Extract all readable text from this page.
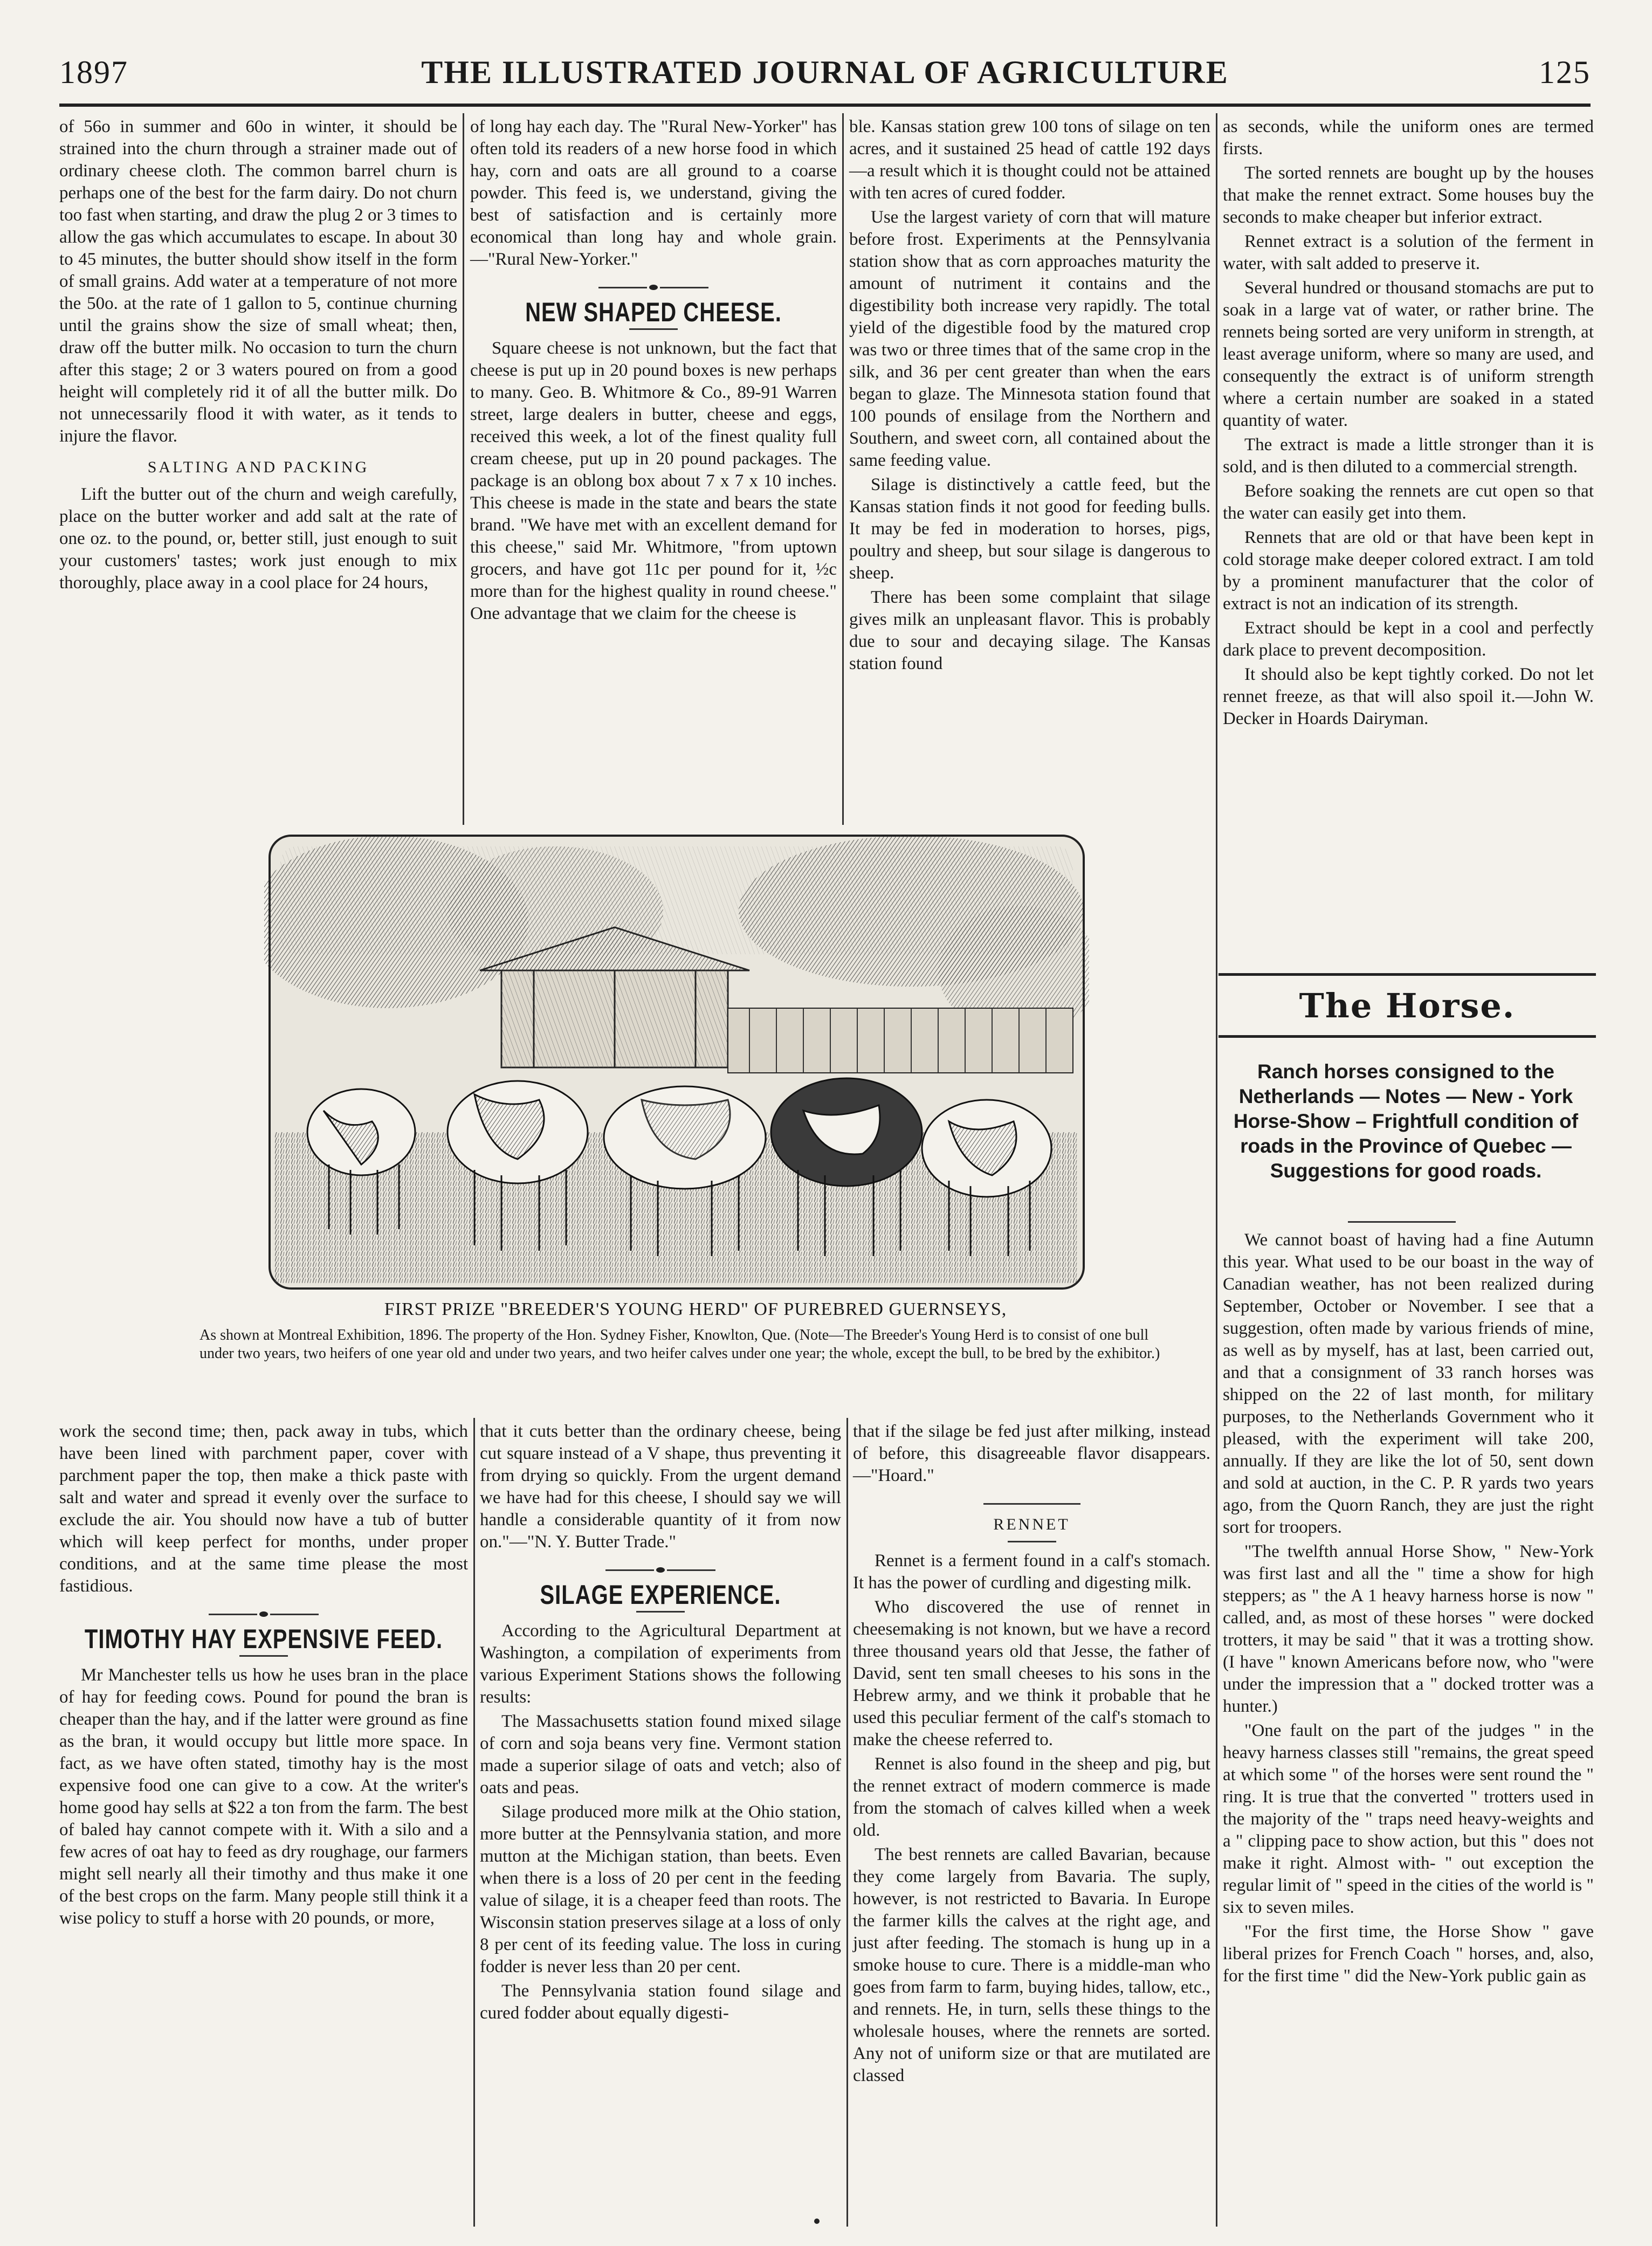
1897	THE ILLUSTRATED JOURNAL OF AGRICULTURE	125

of 56o in summer and 60o in winter, it should be strained into the churn through a strainer made out of ordinary cheese cloth. The common barrel churn is perhaps one of the best for the farm dairy. Do not churn too fast when starting, and draw the plug 2 or 3 times to allow the gas which accumulates to escape. In about 30 to 45 minutes, the butter should show itself in the form of small grains. Add water at a temperature of not more the 50o. at the rate of 1 gallon to 5, continue churning until the grains show the size of small wheat; then, draw off the butter milk. No occasion to turn the churn after this stage; 2 or 3 waters poured on from a good height will completely rid it of all the butter milk. Do not unnecessarily flood it with water, as it tends to injure the flavor.

SALTING AND PACKING

Lift the butter out of the churn and weigh carefully, place on the butter worker and add salt at the rate of one oz. to the pound, or, better still, just enough to suit your customers' tastes; work just enough to mix thoroughly, place away in a cool place for 24 hours,

of long hay each day. The "Rural New-Yorker" has often told its readers of a new horse food in which hay, corn and oats are all ground to a coarse powder. This feed is, we understand, giving the best of satisfaction and is certainly more economical than long hay and whole grain.—"Rural New-Yorker."

NEW SHAPED CHEESE.

Square cheese is not unknown, but the fact that cheese is put up in 20 pound boxes is new perhaps to many. Geo. B. Whitmore & Co., 89-91 Warren street, large dealers in butter, cheese and eggs, received this week, a lot of the finest quality full cream cheese, put up in 20 pound packages. The package is an oblong box about 7 x 7 x 10 inches. This cheese is made in the state and bears the state brand. "We have met with an excellent demand for this cheese," said Mr. Whitmore, "from uptown grocers, and have got 11c per pound for it, ½c more than for the highest quality in round cheese." One advantage that we claim for the cheese is

ble. Kansas station grew 100 tons of silage on ten acres, and it sustained 25 head of cattle 192 days—a result which it is thought could not be attained with ten acres of cured fodder.

Use the largest variety of corn that will mature before frost. Experiments at the Pennsylvania station show that as corn approaches maturity the amount of nutriment it contains and the digestibility both increase very rapidly. The total yield of the digestible food by the matured crop was two or three times that of the same crop in the silk, and 36 per cent greater than when the ears began to glaze. The Minnesota station found that 100 pounds of ensilage from the Northern and Southern, and sweet corn, all contained about the same feeding value.

Silage is distinctively a cattle feed, but the Kansas station finds it not good for feeding bulls. It may be fed in moderation to horses, pigs, poultry and sheep, but sour silage is dangerous to sheep.

There has been some complaint that silage gives milk an unpleasant flavor. This is probably due to sour and decaying silage. The Kansas station found

as seconds, while the uniform ones are termed firsts.

The sorted rennets are bought up by the houses that make the rennet extract. Some houses buy the seconds to make cheaper but inferior extract.

Rennet extract is a solution of the ferment in water, with salt added to preserve it.

Several hundred or thousand stomachs are put to soak in a large vat of water, or rather brine. The rennets being sorted are very uniform in strength, at least average uniform, where so many are used, and consequently the extract is of uniform strength where a certain number are soaked in a stated quantity of water.

The extract is made a little stronger than it is sold, and is then diluted to a commercial strength.

Before soaking the rennets are cut open so that the water can easily get into them.

Rennets that are old or that have been kept in cold storage make deeper colored extract. I am told by a prominent manufacturer that the color of extract is not an indication of its strength.

Extract should be kept in a cool and perfectly dark place to prevent decomposition.

It should also be kept tightly corked. Do not let rennet freeze, as that will also spoil it.—John W. Decker in Hoards Dairyman.

The Horse.
Ranch horses consigned to the Netherlands — Notes — New - York Horse-Show – Frightfull condition of roads in the Province of Quebec —Suggestions for good roads.

We cannot boast of having had a fine Autumn this year. What used to be our boast in the way of Canadian weather, has not been realized during September, October or November. I see that a suggestion, often made by various friends of mine, as well as by myself, has at last, been carried out, and that a consignment of 33 ranch horses was shipped on the 22 of last month, for military purposes, to the Netherlands Government who it pleased, with the experiment will take 200, annually. If they are like the lot of 50, sent down and sold at auction, in the C. P. R yards two years ago, from the Quorn Ranch, they are just the right sort for troopers.

"The twelfth annual Horse Show, " New-York was first last and all the " time a show for high steppers; as " the A 1 heavy harness horse is now " called, and, as most of these horses " were docked trotters, it may be said " that it was a trotting show. (I have " known Americans before now, who "were under the impression that a " docked trotter was a hunter.)

"One fault on the part of the judges " in the heavy harness classes still "remains, the great speed at which some " of the horses were sent round the " ring. It is true that the converted " trotters used in the majority of the " traps need heavy-weights and a " clipping pace to show action, but this " does not make it right. Almost with- " out exception the regular limit of " speed in the cities of the world is " six to seven miles.

"For the first time, the Horse Show " gave liberal prizes for French Coach " horses, and, also, for the first time " did the New-York public gain as

FIRST PRIZE "BREEDER'S YOUNG HERD" OF PUREBRED GUERNSEYS,
As shown at Montreal Exhibition, 1896. The property of the Hon. Sydney Fisher, Knowlton, Que. (Note—The Breeder's Young Herd is to consist of one bull under two years, two heifers of one year old and under two years, and two heifer calves under one year; the whole, except the bull, to be bred by the exhibitor.)

work the second time; then, pack away in tubs, which have been lined with parchment paper, cover with parchment paper the top, then make a thick paste with salt and water and spread it evenly over the surface to exclude the air. You should now have a tub of butter which will keep perfect for months, under proper conditions, and at the same time please the most fastidious.

TIMOTHY HAY EXPENSIVE FEED.

Mr Manchester tells us how he uses bran in the place of hay for feeding cows. Pound for pound the bran is cheaper than the hay, and if the latter were ground as fine as the bran, it would occupy but little more space. In fact, as we have often stated, timothy hay is the most expensive food one can give to a cow. At the writer's home good hay sells at $22 a ton from the farm. The best of baled hay cannot compete with it. With a silo and a few acres of oat hay to feed as dry roughage, our farmers might sell nearly all their timothy and thus make it one of the best crops on the farm. Many people still think it a wise policy to stuff a horse with 20 pounds, or more,

that it cuts better than the ordinary cheese, being cut square instead of a V shape, thus preventing it from drying so quickly. From the urgent demand we have had for this cheese, I should say we will handle a considerable quantity of it from now on."—"N. Y. Butter Trade."

SILAGE EXPERIENCE.

According to the Agricultural Department at Washington, a compilation of experiments from various Experiment Stations shows the following results:

The Massachusetts station found mixed silage of corn and soja beans very fine. Vermont station made a superior silage of oats and vetch; also of oats and peas.

Silage produced more milk at the Ohio station, more butter at the Pennsylvania station, and more mutton at the Michigan station, than beets. Even when there is a loss of 20 per cent in the feeding value of silage, it is a cheaper feed than roots. The Wisconsin station preserves silage at a loss of only 8 per cent of its feeding value. The loss in curing fodder is never less than 20 per cent.

The Pennsylvania station found silage and cured fodder about equally digesti-

that if the silage be fed just after milking, instead of before, this disagreeable flavor disappears.—"Hoard."

RENNET

Rennet is a ferment found in a calf's stomach. It has the power of curdling and digesting milk.

Who discovered the use of rennet in cheesemaking is not known, but we have a record three thousand years old that Jesse, the father of David, sent ten small cheeses to his sons in the Hebrew army, and we think it probable that he used this peculiar ferment of the calf's stomach to make the cheese referred to.

Rennet is also found in the sheep and pig, but the rennet extract of modern commerce is made from the stomach of calves killed when a week old.

The best rennets are called Bavarian, because they come largely from Bavaria. The suply, however, is not restricted to Bavaria. In Europe the farmer kills the calves at the right age, and just after feeding. The stomach is hung up in a smoke house to cure. There is a middle-man who goes from farm to farm, buying hides, tallow, etc., and rennets. He, in turn, sells these things to the wholesale houses, where the rennets are sorted. Any not of uniform size or that are mutilated are classed
